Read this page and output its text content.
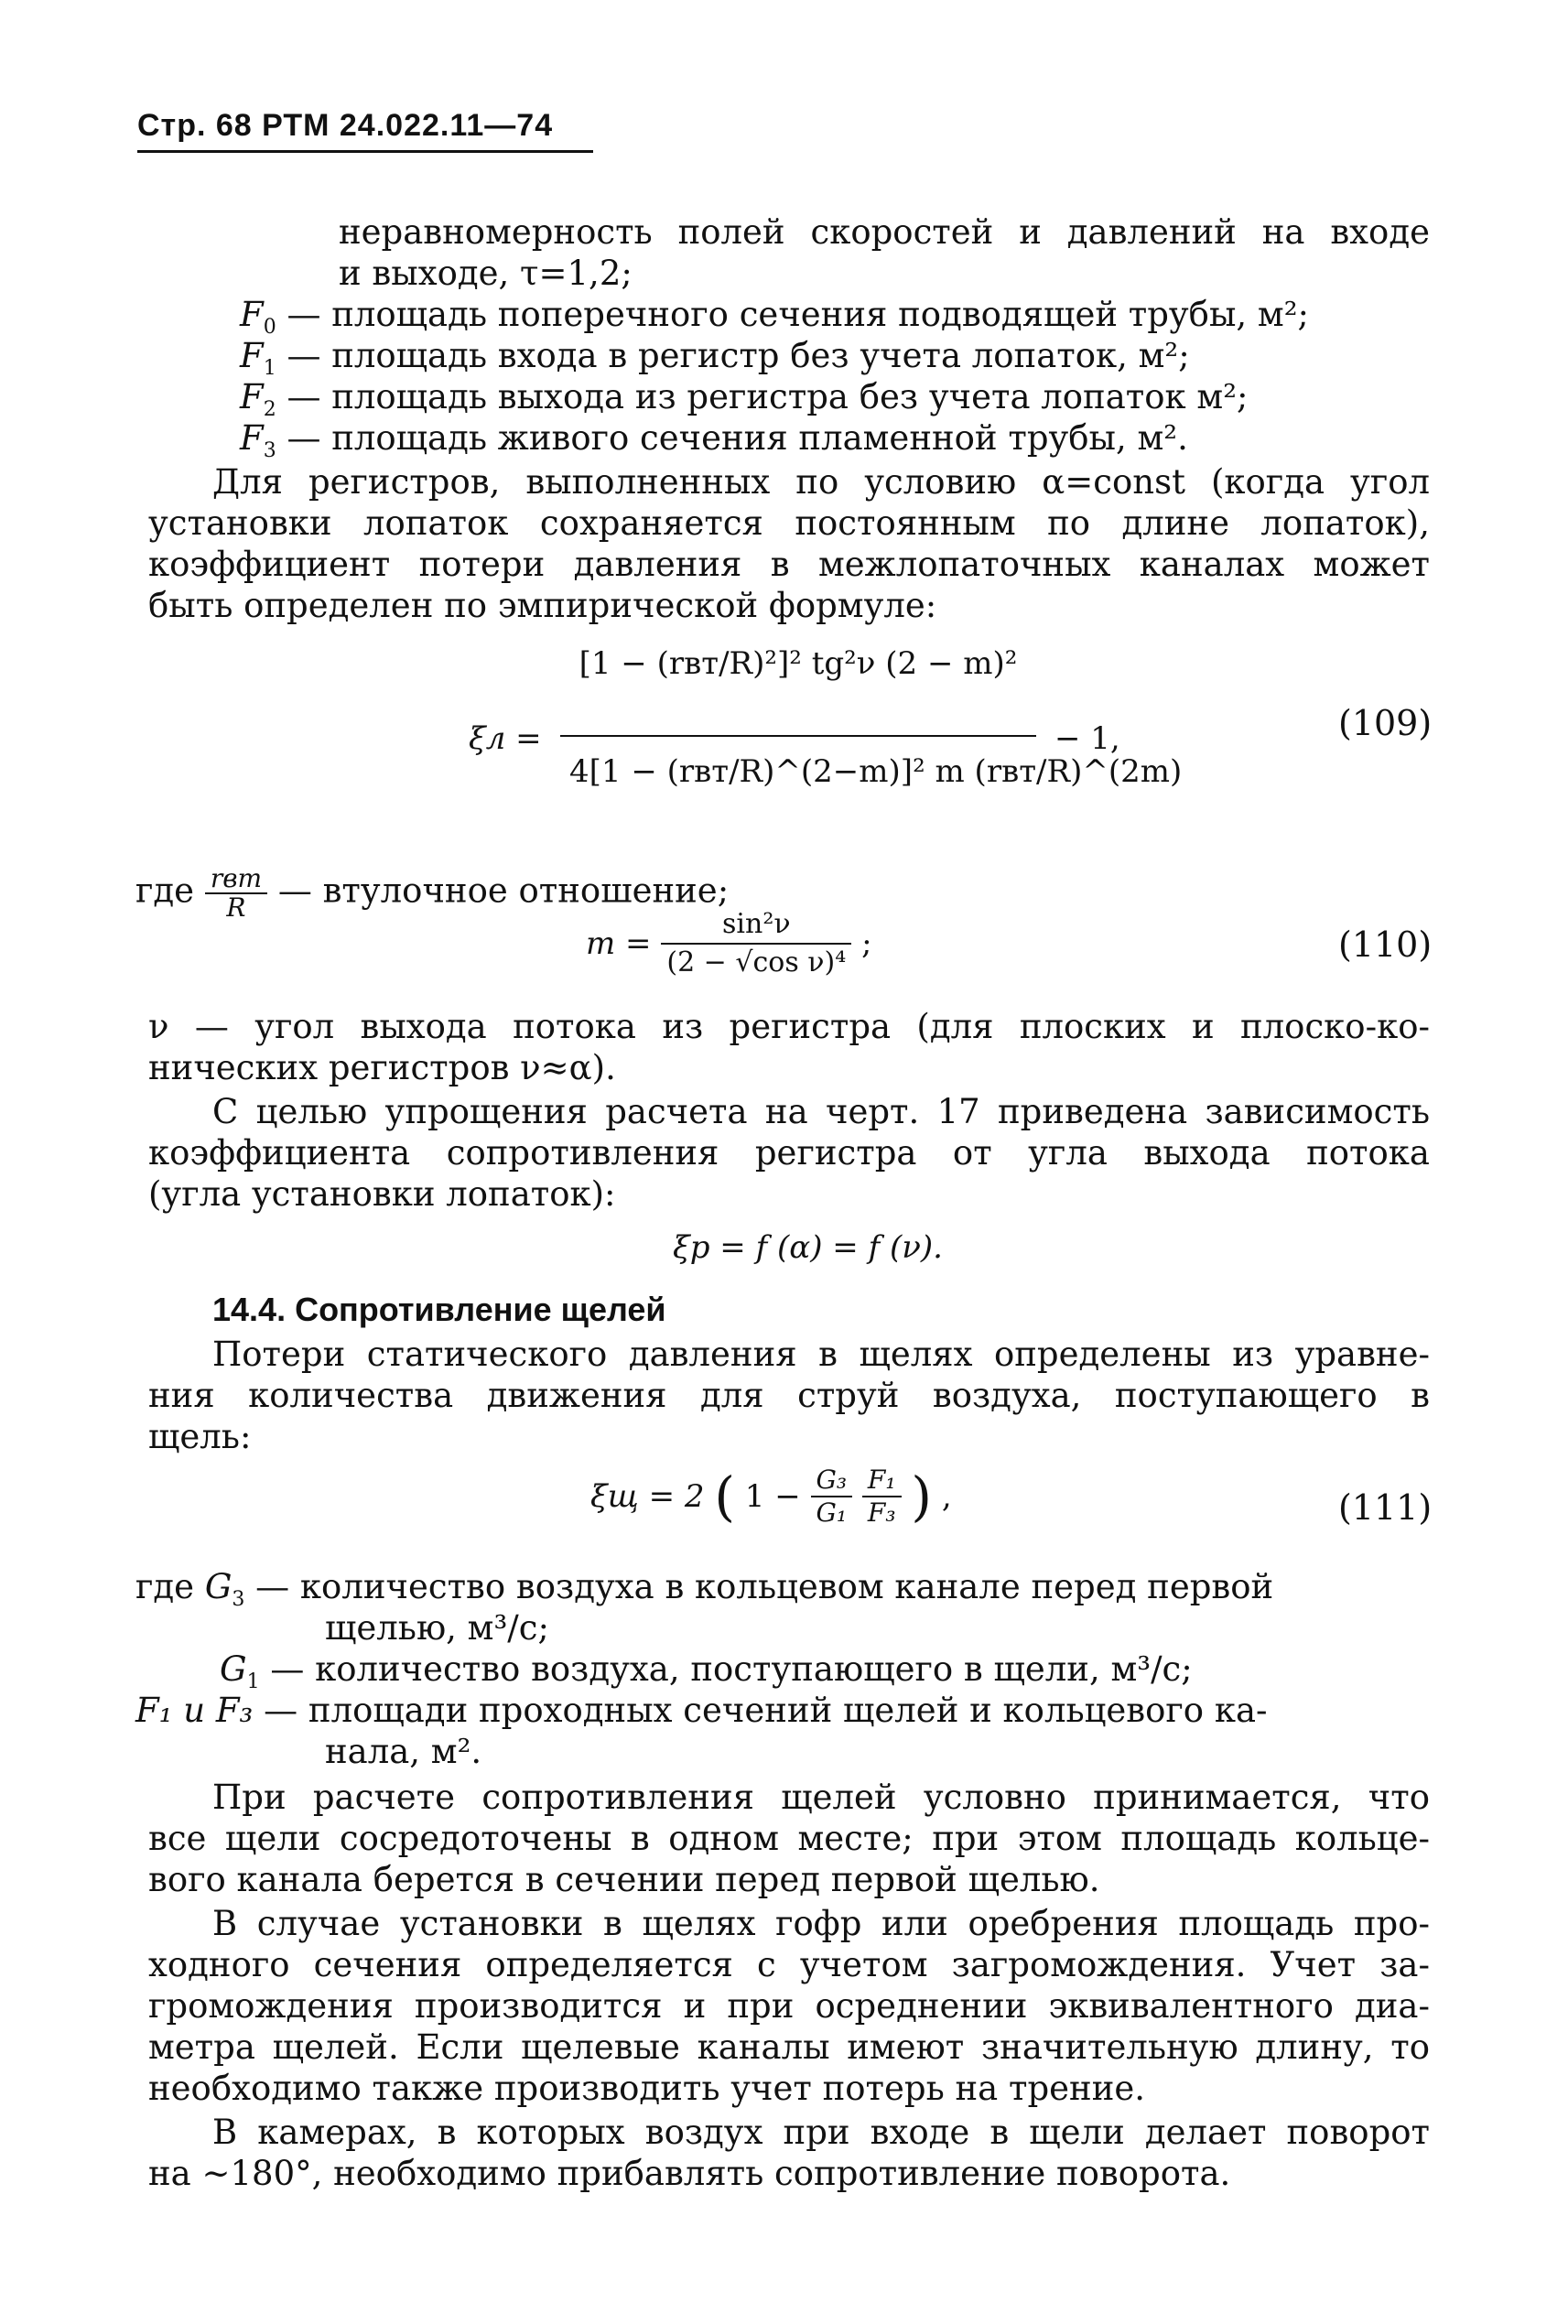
Стр. 68 РТМ 24.022.11—74
неравномерность полей скоростей и давлений на входе
и выходе, τ=1,2;
$F_0$ — площадь поперечного сечения подводящей трубы, м²;
$F_1$ — площадь входа в регистр без учета лопаток, м²;
$F_2$ — площадь выхода из регистра без учета лопаток м²;
$F_3$ — площадь живого сечения пламенной трубы, м².
Для регистров, выполненных по условию α=const (когда угол
установки лопаток сохраняется постоянным по длине лопаток),
коэффициент потери давления в межлопаточных каналах может
быть определен по эмпирической формуле:
ξл =
[1 − (rвт/R)²]² tg²ν (2 − m)²
4[1 − (rвт/R)^(2−m)]² m (rвт/R)^(2m)
− 1,	(109)
где $\frac{\text{rвт}}{R}$ — втулочное отношение;
$m = \frac{\text{sin²ν}}{\text{(2 − √cos ν)⁴}}$ ;	(110)
ν — угол выхода потока из регистра (для плоских и плоско-ко-
нических регистров ν≈α).
С целью упрощения расчета на черт. 17 приведена зависимость
коэффициента сопротивления регистра от угла выхода потока
(угла установки лопаток):
ξр = f (α) = f (ν).
14.4. Сопротивление щелей
Потери статического давления в щелях определены из уравне-
ния количества движения для струй воздуха, поступающего в
щель:
ξщ = 2 ( $1 - \frac{\text{G₃}}{\text{G₁}}$
$\frac{\text{F₁}}{\text{F₃}}$ ) ,	(111)
где $G_3$ — количество воздуха в кольцевом канале перед первой
щелью, м³/с;
$G_1$ — количество воздуха, поступающего в щели, м³/с;
F₁ и F₃ — площади проходных сечений щелей и кольцевого ка-
нала, м².
При расчете сопротивления щелей условно принимается, что
все щели сосредоточены в одном месте; при этом площадь кольце-
вого канала берется в сечении перед первой щелью.
В случае установки в щелях гофр или оребрения площадь про-
ходного сечения определяется с учетом загромождения. Учет за-
громождения производится и при осреднении эквивалентного диа-
метра щелей. Если щелевые каналы имеют значительную длину, то
необходимо также производить учет потерь на трение.
В камерах, в которых воздух при входе в щели делает поворот
на ~180°, необходимо прибавлять сопротивление поворота.
